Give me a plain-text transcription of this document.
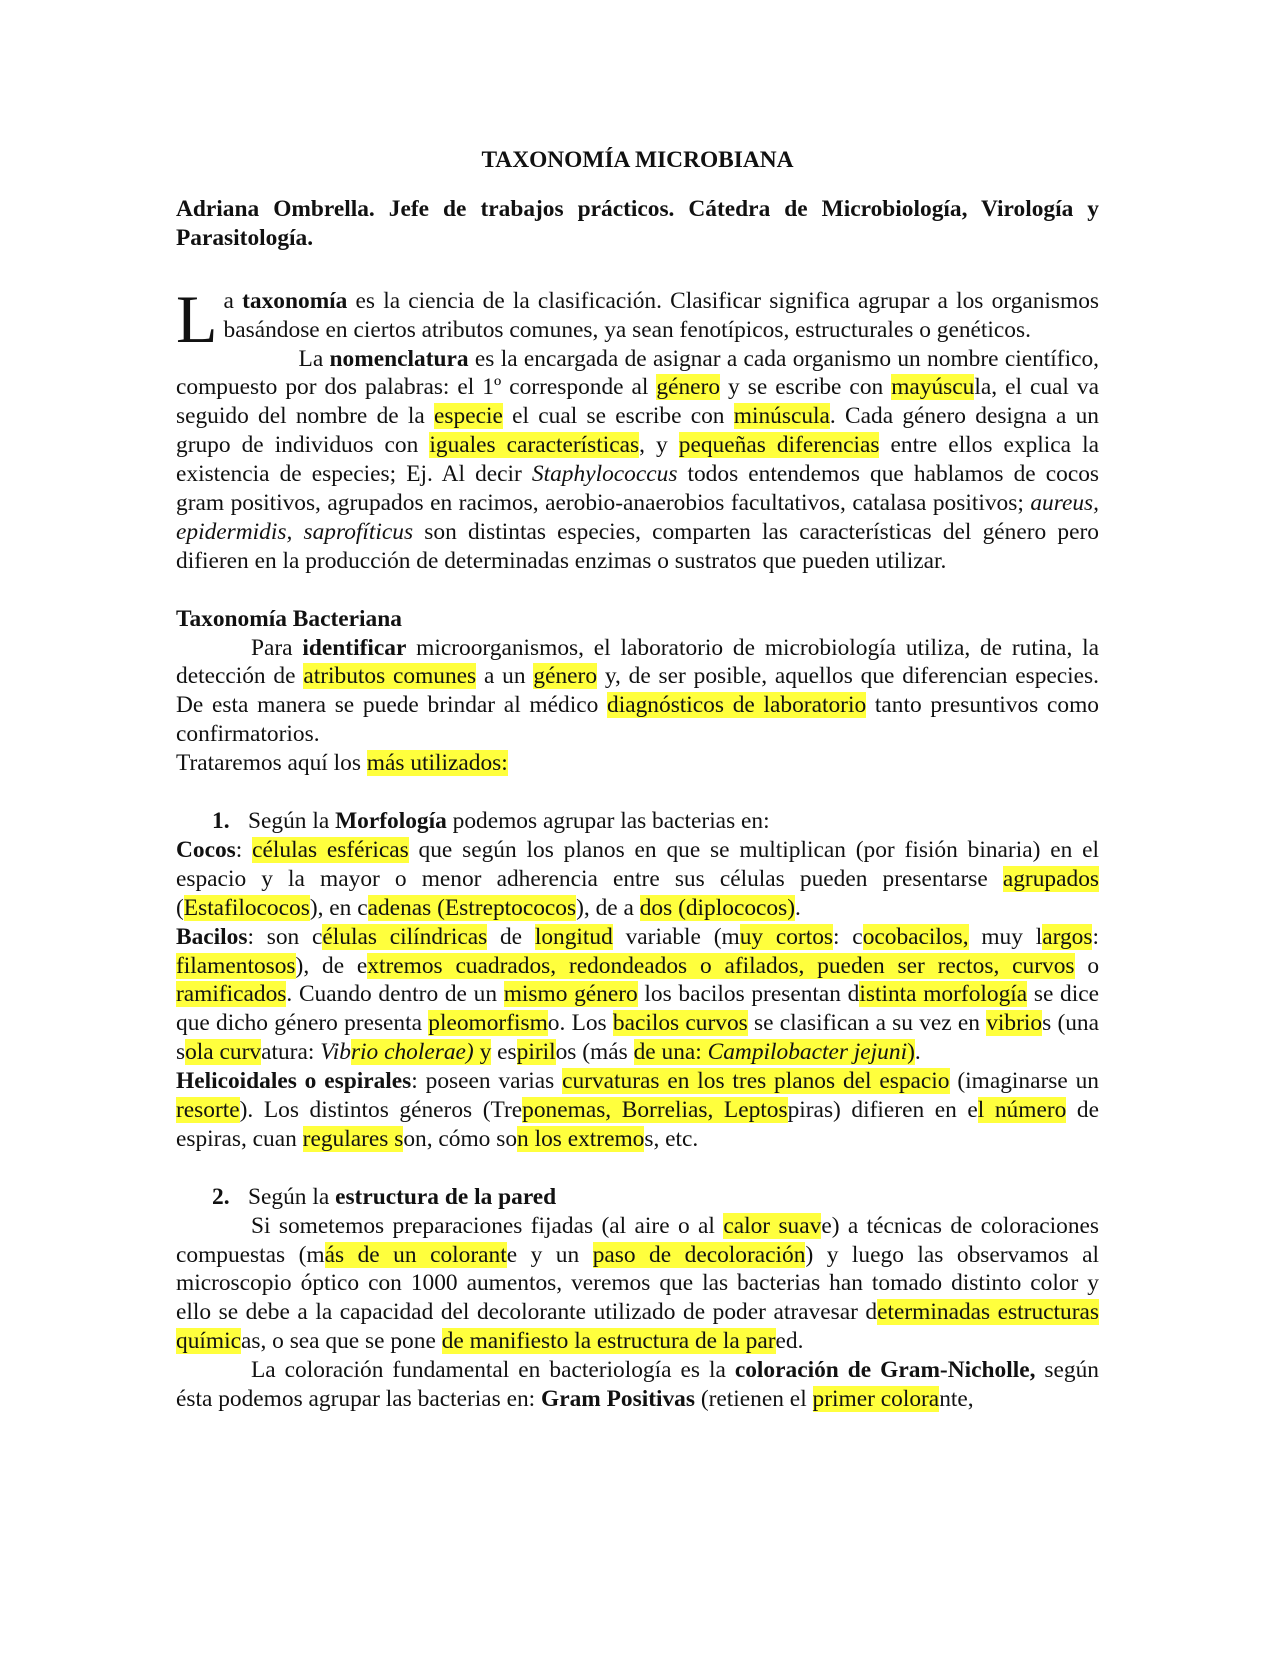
TAXONOMÍA MICROBIANA

Adriana Ombrella. Jefe de trabajos prácticos. Cátedra de Microbiología, Virología y Parasitología.

La taxonomía es la ciencia de la clasificación. Clasificar significa agrupar a los organismos basándose en ciertos atributos comunes, ya sean fenotípicos, estructurales o genéticos.

La nomenclatura es la encargada de asignar a cada organismo un nombre científico, compuesto por dos palabras: el 1º corresponde al género y se escribe con mayúscula, el cual va seguido del nombre de la especie el cual se escribe con minúscula. Cada género designa a un grupo de individuos con iguales características, y pequeñas diferencias entre ellos explica la existencia de especies; Ej. Al decir Staphylococcus todos entendemos que hablamos de cocos gram positivos, agrupados en racimos, aerobio-anaerobios facultativos, catalasa positivos; aureus, epidermidis, saprofíticus son distintas especies, comparten las características del género pero difieren en la producción de determinadas enzimas o sustratos que pueden utilizar.

Taxonomía Bacteriana

Para identificar microorganismos, el laboratorio de microbiología utiliza, de rutina, la detección de atributos comunes a un género y, de ser posible, aquellos que diferencian especies. De esta manera se puede brindar al médico diagnósticos de laboratorio tanto presuntivos como confirmatorios.

Trataremos aquí los más utilizados:

1. Según la Morfología podemos agrupar las bacterias en:

Cocos: células esféricas que según los planos en que se multiplican (por fisión binaria) en el espacio y la mayor o menor adherencia entre sus células pueden presentarse agrupados (Estafilococos), en cadenas (Estreptococos), de a dos (diplococos).

Bacilos: son células cilíndricas de longitud variable (muy cortos: cocobacilos, muy largos: filamentosos), de extremos cuadrados, redondeados o afilados, pueden ser rectos, curvos o ramificados. Cuando dentro de un mismo género los bacilos presentan distinta morfología se dice que dicho género presenta pleomorfismo. Los bacilos curvos se clasifican a su vez en vibrios (una sola curvatura: Vibrio cholerae) y espirilos (más de una: Campilobacter jejuni).

Helicoidales o espirales: poseen varias curvaturas en los tres planos del espacio (imaginarse un resorte). Los distintos géneros (Treponemas, Borrelias, Leptospiras) difieren en el número de espiras, cuan regulares son, cómo son los extremos, etc.

2. Según la estructura de la pared

Si sometemos preparaciones fijadas (al aire o al calor suave) a técnicas de coloraciones compuestas (más de un colorante y un paso de decoloración) y luego las observamos al microscopio óptico con 1000 aumentos, veremos que las bacterias han tomado distinto color y ello se debe a la capacidad del decolorante utilizado de poder atravesar determinadas estructuras químicas, o sea que se pone de manifiesto la estructura de la pared.

La coloración fundamental en bacteriología es la coloración de Gram-Nicholle, según ésta podemos agrupar las bacterias en: Gram Positivas (retienen el primer colorante,
